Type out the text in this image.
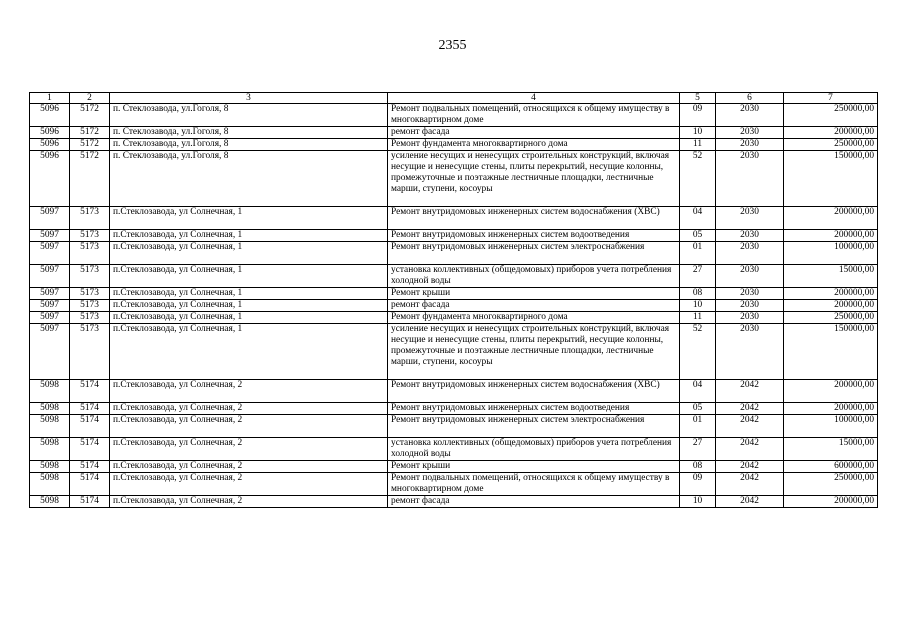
2355
1	2	3	4	5	6	7
5096	5172	п. Стеклозавода, ул.Гоголя, 8	Ремонт подвальных помещений, относящихся к общему имуществу в многоквартирном доме	09	2030	250000,00
5096	5172	п. Стеклозавода, ул.Гоголя, 8	ремонт фасада	10	2030	200000,00
5096	5172	п. Стеклозавода, ул.Гоголя, 8	Ремонт фундамента многоквартирного дома	11	2030	250000,00
5096	5172	п. Стеклозавода, ул.Гоголя, 8	усиление несущих и ненесущих строительных конструкций, включая несущие и ненесущие стены, плиты перекрытий, несущие колонны, промежуточные и поэтажные лестничные площадки, лестничные марши, ступени, косоуры	52	2030	150000,00
5097	5173	п.Стеклозавода, ул Солнечная, 1	Ремонт внутридомовых инженерных систем водоснабжения (ХВС)	04	2030	200000,00
5097	5173	п.Стеклозавода, ул Солнечная, 1	Ремонт внутридомовых инженерных систем водоотведения	05	2030	200000,00
5097	5173	п.Стеклозавода, ул Солнечная, 1	Ремонт внутридомовых инженерных систем электроснабжения	01	2030	100000,00
5097	5173	п.Стеклозавода, ул Солнечная, 1	установка коллективных (общедомовых) приборов учета потребления холодной воды	27	2030	15000,00
5097	5173	п.Стеклозавода, ул Солнечная, 1	Ремонт крыши	08	2030	200000,00
5097	5173	п.Стеклозавода, ул Солнечная, 1	ремонт фасада	10	2030	200000,00
5097	5173	п.Стеклозавода, ул Солнечная, 1	Ремонт фундамента многоквартирного дома	11	2030	250000,00
5097	5173	п.Стеклозавода, ул Солнечная, 1	усиление несущих и ненесущих строительных конструкций, включая несущие и ненесущие стены, плиты перекрытий, несущие колонны, промежуточные и поэтажные лестничные площадки, лестничные марши, ступени, косоуры	52	2030	150000,00
5098	5174	п.Стеклозавода, ул Солнечная, 2	Ремонт внутридомовых инженерных систем водоснабжения (ХВС)	04	2042	200000,00
5098	5174	п.Стеклозавода, ул Солнечная, 2	Ремонт внутридомовых инженерных систем водоотведения	05	2042	200000,00
5098	5174	п.Стеклозавода, ул Солнечная, 2	Ремонт внутридомовых инженерных систем электроснабжения	01	2042	100000,00
5098	5174	п.Стеклозавода, ул Солнечная, 2	установка коллективных (общедомовых) приборов учета потребления холодной воды	27	2042	15000,00
5098	5174	п.Стеклозавода, ул Солнечная, 2	Ремонт крыши	08	2042	600000,00
5098	5174	п.Стеклозавода, ул Солнечная, 2	Ремонт подвальных помещений, относящихся к общему имуществу в многоквартирном доме	09	2042	250000,00
5098	5174	п.Стеклозавода, ул Солнечная, 2	ремонт фасада	10	2042	200000,00
